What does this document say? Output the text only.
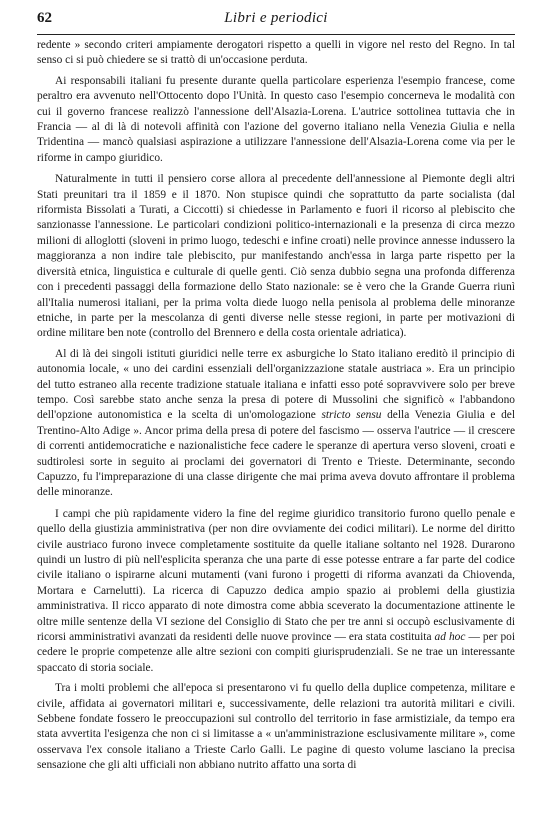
62	Libri e periodici

redente » secondo criteri ampiamente derogatori rispetto a quelli in vigore nel resto del Regno. In tal senso ci si può chiedere se si trattò di un'occasione perduta.

Ai responsabili italiani fu presente durante quella particolare esperienza l'esempio francese, come peraltro era avvenuto nell'Ottocento dopo l'Unità. In questo caso l'esempio concerneva le modalità con cui il governo francese realizzò l'annessione dell'Alsazia-Lorena. L'autrice sottolinea tuttavia che in Francia — al di là di notevoli affinità con l'azione del governo italiano nella Venezia Giulia e nella Tridentina — mancò qualsiasi aspirazione a utilizzare l'annessione dell'Alsazia-Lorena come via per le riforme in campo giuridico.

Naturalmente in tutti il pensiero corse allora al precedente dell'annessione al Piemonte degli altri Stati preunitari tra il 1859 e il 1870. Non stupisce quindi che soprattutto da parte socialista (dal riformista Bissolati a Turati, a Ciccotti) si chiedesse in Parlamento e fuori il ricorso al plebiscito che sanzionasse l'annessione. Le particolari condizioni politico-internazionali e la presenza di circa mezzo milioni di alloglotti (sloveni in primo luogo, tedeschi e infine croati) nelle province annesse indussero la maggioranza a non indire tale plebiscito, pur manifestando anch'essa in larga parte rispetto per la diversità etnica, linguistica e culturale di quelle genti. Ciò senza dubbio segna una profonda differenza con i precedenti passaggi della formazione dello Stato nazionale: se è vero che la Grande Guerra riunì all'Italia numerosi italiani, per la prima volta diede luogo nella penisola al problema delle minoranze etniche, in parte per la mescolanza di genti diverse nelle stesse regioni, in parte per motivazioni di ordine militare ben note (controllo del Brennero e della costa orientale adriatica).

Al di là dei singoli istituti giuridici nelle terre ex asburgiche lo Stato italiano ereditò il principio di autonomia locale, « uno dei cardini essenziali dell'organizzazione statale austriaca ». Era un principio del tutto estraneo alla recente tradizione statuale italiana e infatti esso poté sopravvivere solo per breve tempo. Così sarebbe stato anche senza la presa di potere di Mussolini che significò « l'abbandono dell'opzione autonomistica e la scelta di un'omologazione stricto sensu della Venezia Giulia e del Trentino-Alto Adige ». Ancor prima della presa di potere del fascismo — osserva l'autrice — il crescere di correnti antidemocratiche e nazionalistiche fece cadere le speranze di apertura verso sloveni, croati e sudtirolesi sorte in seguito ai proclami dei governatori di Trento e Trieste. Determinante, secondo Capuzzo, fu l'impreparazione di una classe dirigente che mai prima aveva dovuto affrontare il problema delle minoranze.

I campi che più rapidamente videro la fine del regime giuridico transitorio furono quello penale e quello della giustizia amministrativa (per non dire ovviamente dei codici militari). Le norme del diritto civile austriaco furono invece completamente sostituite da quelle italiane soltanto nel 1928. Durarono quindi un lustro di più nell'esplicita speranza che una parte di esse potesse entrare a far parte del codice civile italiano o ispirarne alcuni mutamenti (vani furono i progetti di riforma avanzati da Chiovenda, Mortara e Carnelutti). La ricerca di Capuzzo dedica ampio spazio ai problemi della giustizia amministrativa. Il ricco apparato di note dimostra come abbia sceverato la documentazione attinente le oltre mille sentenze della VI sezione del Consiglio di Stato che per tre anni si occupò esclusivamente di ricorsi amministrativi avanzati da residenti delle nuove province — era stata costituita ad hoc — per poi cedere le proprie competenze alle altre sezioni con compiti giurisprudenziali. Se ne trae un interessante spaccato di storia sociale.

Tra i molti problemi che all'epoca si presentarono vi fu quello della duplice competenza, militare e civile, affidata ai governatori militari e, successivamente, delle relazioni tra autorità militari e civili. Sebbene fondate fossero le preoccupazioni sul controllo del territorio in fase armistiziale, da tempo era stata avvertita l'esigenza che non ci si limitasse a « un'amministrazione esclusivamente militare », come osservava l'ex console italiano a Trieste Carlo Galli. Le pagine di questo volume lasciano la precisa sensazione che gli alti ufficiali non abbiano nutrito affatto una sorta di
